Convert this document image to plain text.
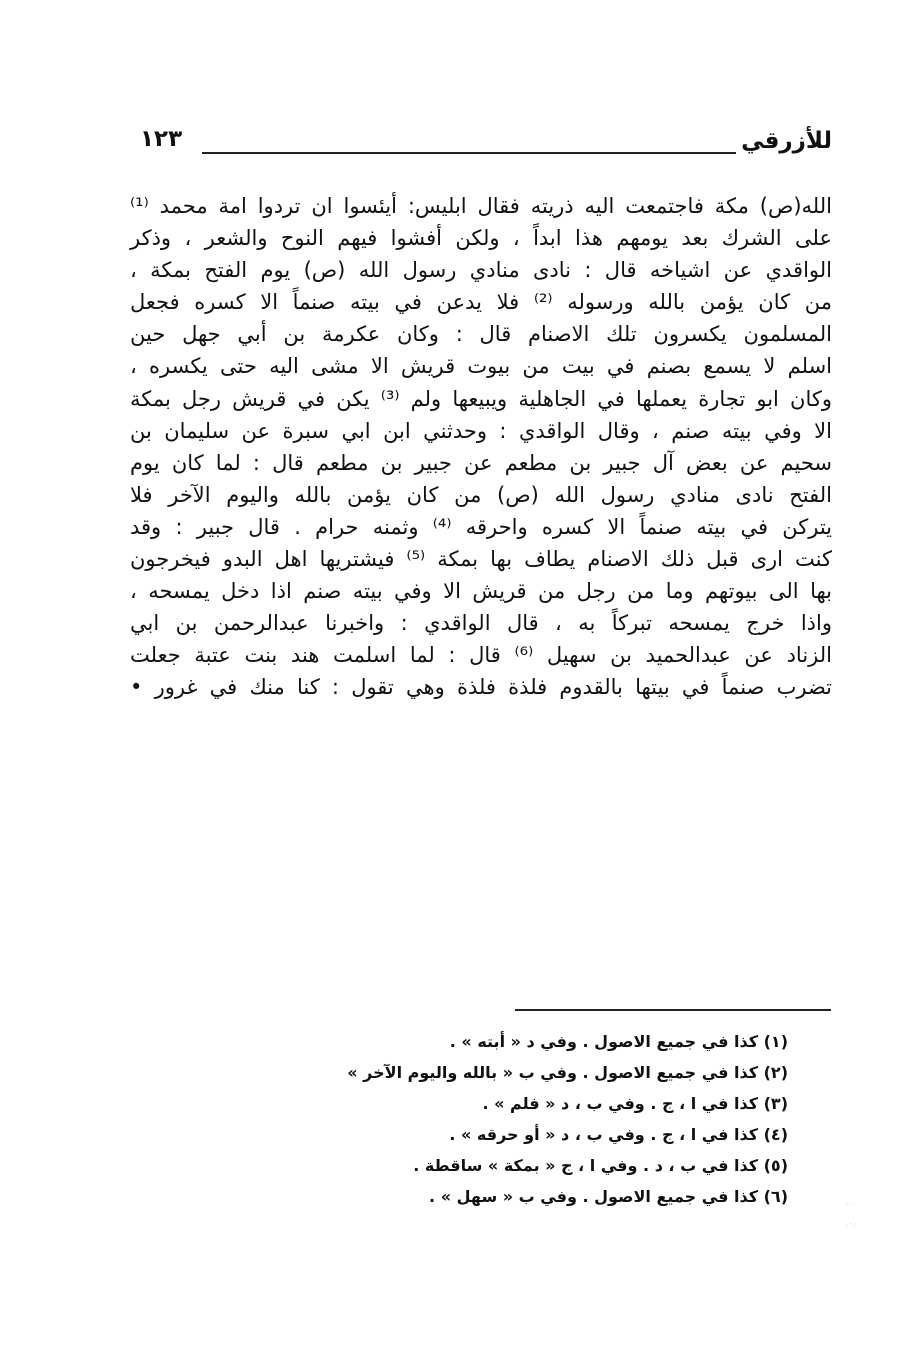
للأزرقي
١٢٣
الله(ص) مكة فاجتمعت اليه ذريته فقال ابليس: أيئسوا ان تردوا امة محمد ⁽¹⁾
على الشرك بعد يومهم هذا ابداً ، ولكن أفشوا فيهم النوح والشعر ، وذكر
الواقدي عن اشياخه قال : نادى منادي رسول الله (ص) يوم الفتح بمكة ،
من كان يؤمن بالله ورسوله ⁽²⁾ فلا يدعن في بيته صنماً الا كسره فجعل
المسلمون يكسرون تلك الاصنام قال : وكان عكرمة بن أبي جهل حين
اسلم لا يسمع بصنم في بيت من بيوت قريش الا مشى اليه حتى يكسره ،
وكان ابو تجارة يعملها في الجاهلية ويبيعها ولم ⁽³⁾ يكن في قريش رجل بمكة
الا وفي بيته صنم ، وقال الواقدي : وحدثني ابن ابي سبرة عن سليمان بن
سحيم عن بعض آل جبير بن مطعم عن جبير بن مطعم قال : لما كان يوم
الفتح نادى منادي رسول الله (ص) من كان يؤمن بالله واليوم الآخر فلا
يتركن في بيته صنماً الا كسره واحرقه ⁽⁴⁾ وثمنه حرام . قال جبير : وقد
كنت ارى قبل ذلك الاصنام يطاف بها بمكة ⁽⁵⁾ فيشتريها اهل البدو فيخرجون
بها الى بيوتهم وما من رجل من قريش الا وفي بيته صنم اذا دخل يمسحه ،
واذا خرج يمسحه تبركاً به ، قال الواقدي : واخبرنا عبدالرحمن بن ابي
الزناد عن عبدالحميد بن سهيل ⁽⁶⁾ قال : لما اسلمت هند بنت عتبة جعلت
تضرب صنماً في بيتها بالقدوم فلذة فلذة وهي تقول : كنا منك في غرور •
(١) كذا في جميع الاصول . وفي د « أبته » .
(٢) كذا في جميع الاصول . وفي ب « بالله واليوم الآخر »
(٣) كذا في ا ، ج . وفي ب ، د « فلم » .
(٤) كذا في ا ، ج . وفي ب ، د « أو حرقه » .
(٥) كذا في ب ، د . وفي ا ، ج « بمكة » ساقطة .
(٦) كذا في جميع الاصول . وفي ب « سهل » .	· ·

. · .
